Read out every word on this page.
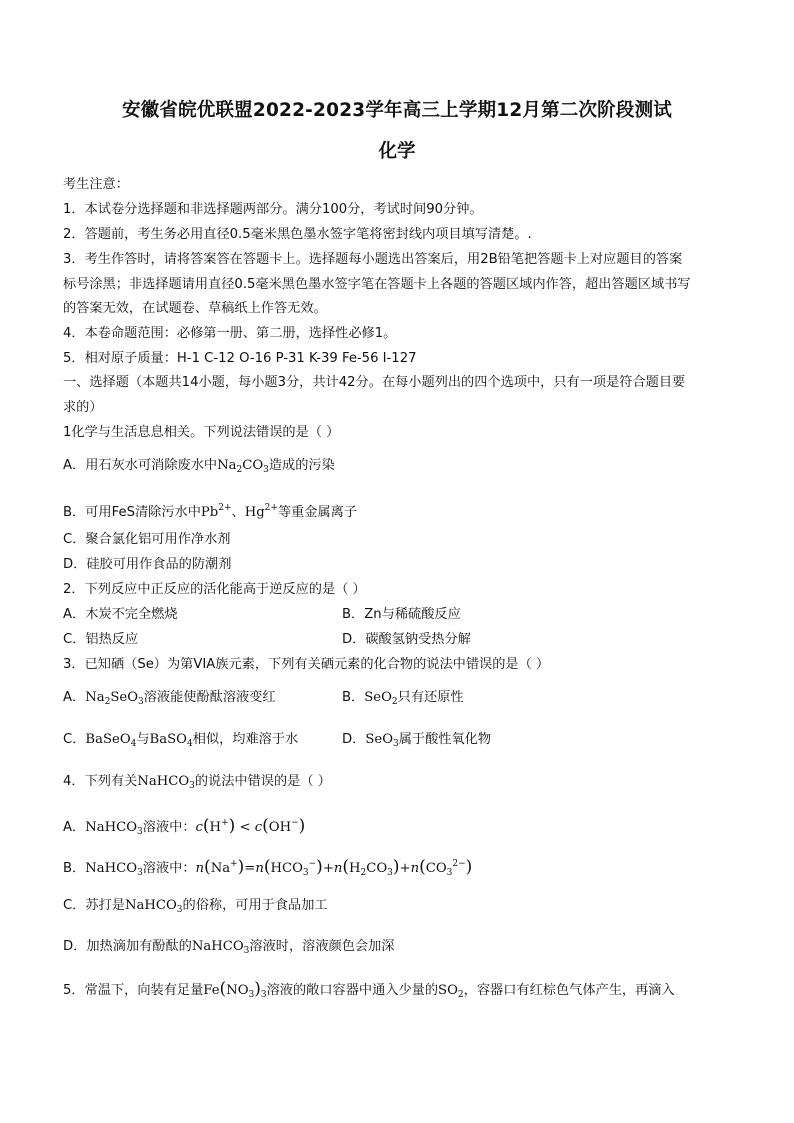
安徽省皖优联盟2022-2023学年高三上学期12月第二次阶段测试
化学
考生注意：
1．本试卷分选择题和非选择题两部分。满分100分，考试时间90分钟。
2．答题前，考生务必用直径0.5毫米黑色墨水签字笔将密封线内项目填写清楚。.
3．考生作答时，请将答案答在答题卡上。选择题每小题选出答案后，用2B铅笔把答题卡上对应题目的答案
标号涂黑；非选择题请用直径0.5毫米黑色墨水签字笔在答题卡上各题的答题区域内作答，超出答题区域书写
的答案无效，在试题卷、草稿纸上作答无效。
4．本卷命题范围：必修第一册、第二册，选择性必修1。
5．相对原子质量：H-1 C-12 O-16 P-31 K-39 Fe-56 I-127
一、选择题（本题共14小题，每小题3分，共计42分。在每小题列出的四个选项中，只有一项是符合题目要
求的）
1化学与生活息息相关。下列说法错误的是（ ）
A．用石灰水可消除废水中$Na_2CO_3$造成的污染
B．可用FeS清除污水中$Pb^{2+}$、$Hg^{2+}$等重金属离子
C．聚合氯化铝可用作净水剂
D．硅胶可用作食品的防潮剂
2．下列反应中正反应的活化能高于逆反应的是（ ）
A．木炭不完全燃烧	B．Zn与稀硫酸反应
C．铝热反应	D．碳酸氢钠受热分解
3．已知硒（Se）为第VIA族元素，下列有关硒元素的化合物的说法中错误的是（ ）
A．$Na_2SeO_3$溶液能使酚酞溶液变红	B．SeO$_2$只有还原性
C．BaSeO$_4$与BaSO$_4$相似，均难溶于水	D．SeO$_3$属于酸性氧化物
4．下列有关NaHCO$_3$的说法中错误的是（ ）
A．NaHCO$_3$溶液中：c(H+) < c(OH−)
B．NaHCO$_3$溶液中：$n(Na^+)=n(HCO_3^-)+n(H_2CO_3)+n(CO_3^{2-})$
C．苏打是NaHCO$_3$的俗称，可用于食品加工
D．加热滴加有酚酞的NaHCO$_3$溶液时，溶液颜色会加深
5．常温下，向装有足量$Fe(NO_3)_3$溶液的敞口容器中通入少量的$SO_2$，容器口有红棕色气体产生，再滴入
